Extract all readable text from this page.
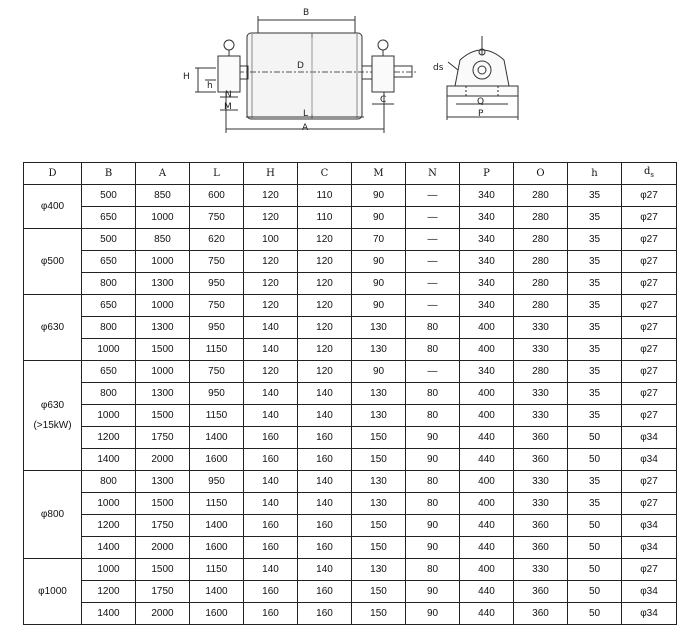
B
D
H
h
N
M
L
A
C
ds
Q
P
D	B	A	L	H	C	M	N	P	O	h	$d_s$

φ400	500	850	600	120	110	90	—	340	280	35	φ27
	650	1000	750	120	110	90	—	340	280	35	φ27

φ500	500	850	620	100	120	70	—	340	280	35	φ27
	650	1000	750	120	120	90	—	340	280	35	φ27
	800	1300	950	120	120	90	—	340	280	35	φ27

φ630	650	1000	750	120	120	90	—	340	280	35	φ27
	800	1300	950	140	120	130	80	400	330	35	φ27
	1000	1500	1150	140	120	130	80	400	330	35	φ27

φ630
(>15kW)	650	1000	750	120	120	90	—	340	280	35	φ27
	800	1300	950	140	140	130	80	400	330	35	φ27
	1000	1500	1150	140	140	130	80	400	330	35	φ27
	1200	1750	1400	160	160	150	90	440	360	50	φ34
	1400	2000	1600	160	160	150	90	440	360	50	φ34

φ800	800	1300	950	140	140	130	80	400	330	35	φ27
	1000	1500	1150	140	140	130	80	400	330	35	φ27
	1200	1750	1400	160	160	150	90	440	360	50	φ34
	1400	2000	1600	160	160	150	90	440	360	50	φ34

φ1000	1000	1500	1150	140	140	130	80	400	330	50	φ27
	1200	1750	1400	160	160	150	90	440	360	50	φ34
	1400	2000	1600	160	160	150	90	440	360	50	φ34
